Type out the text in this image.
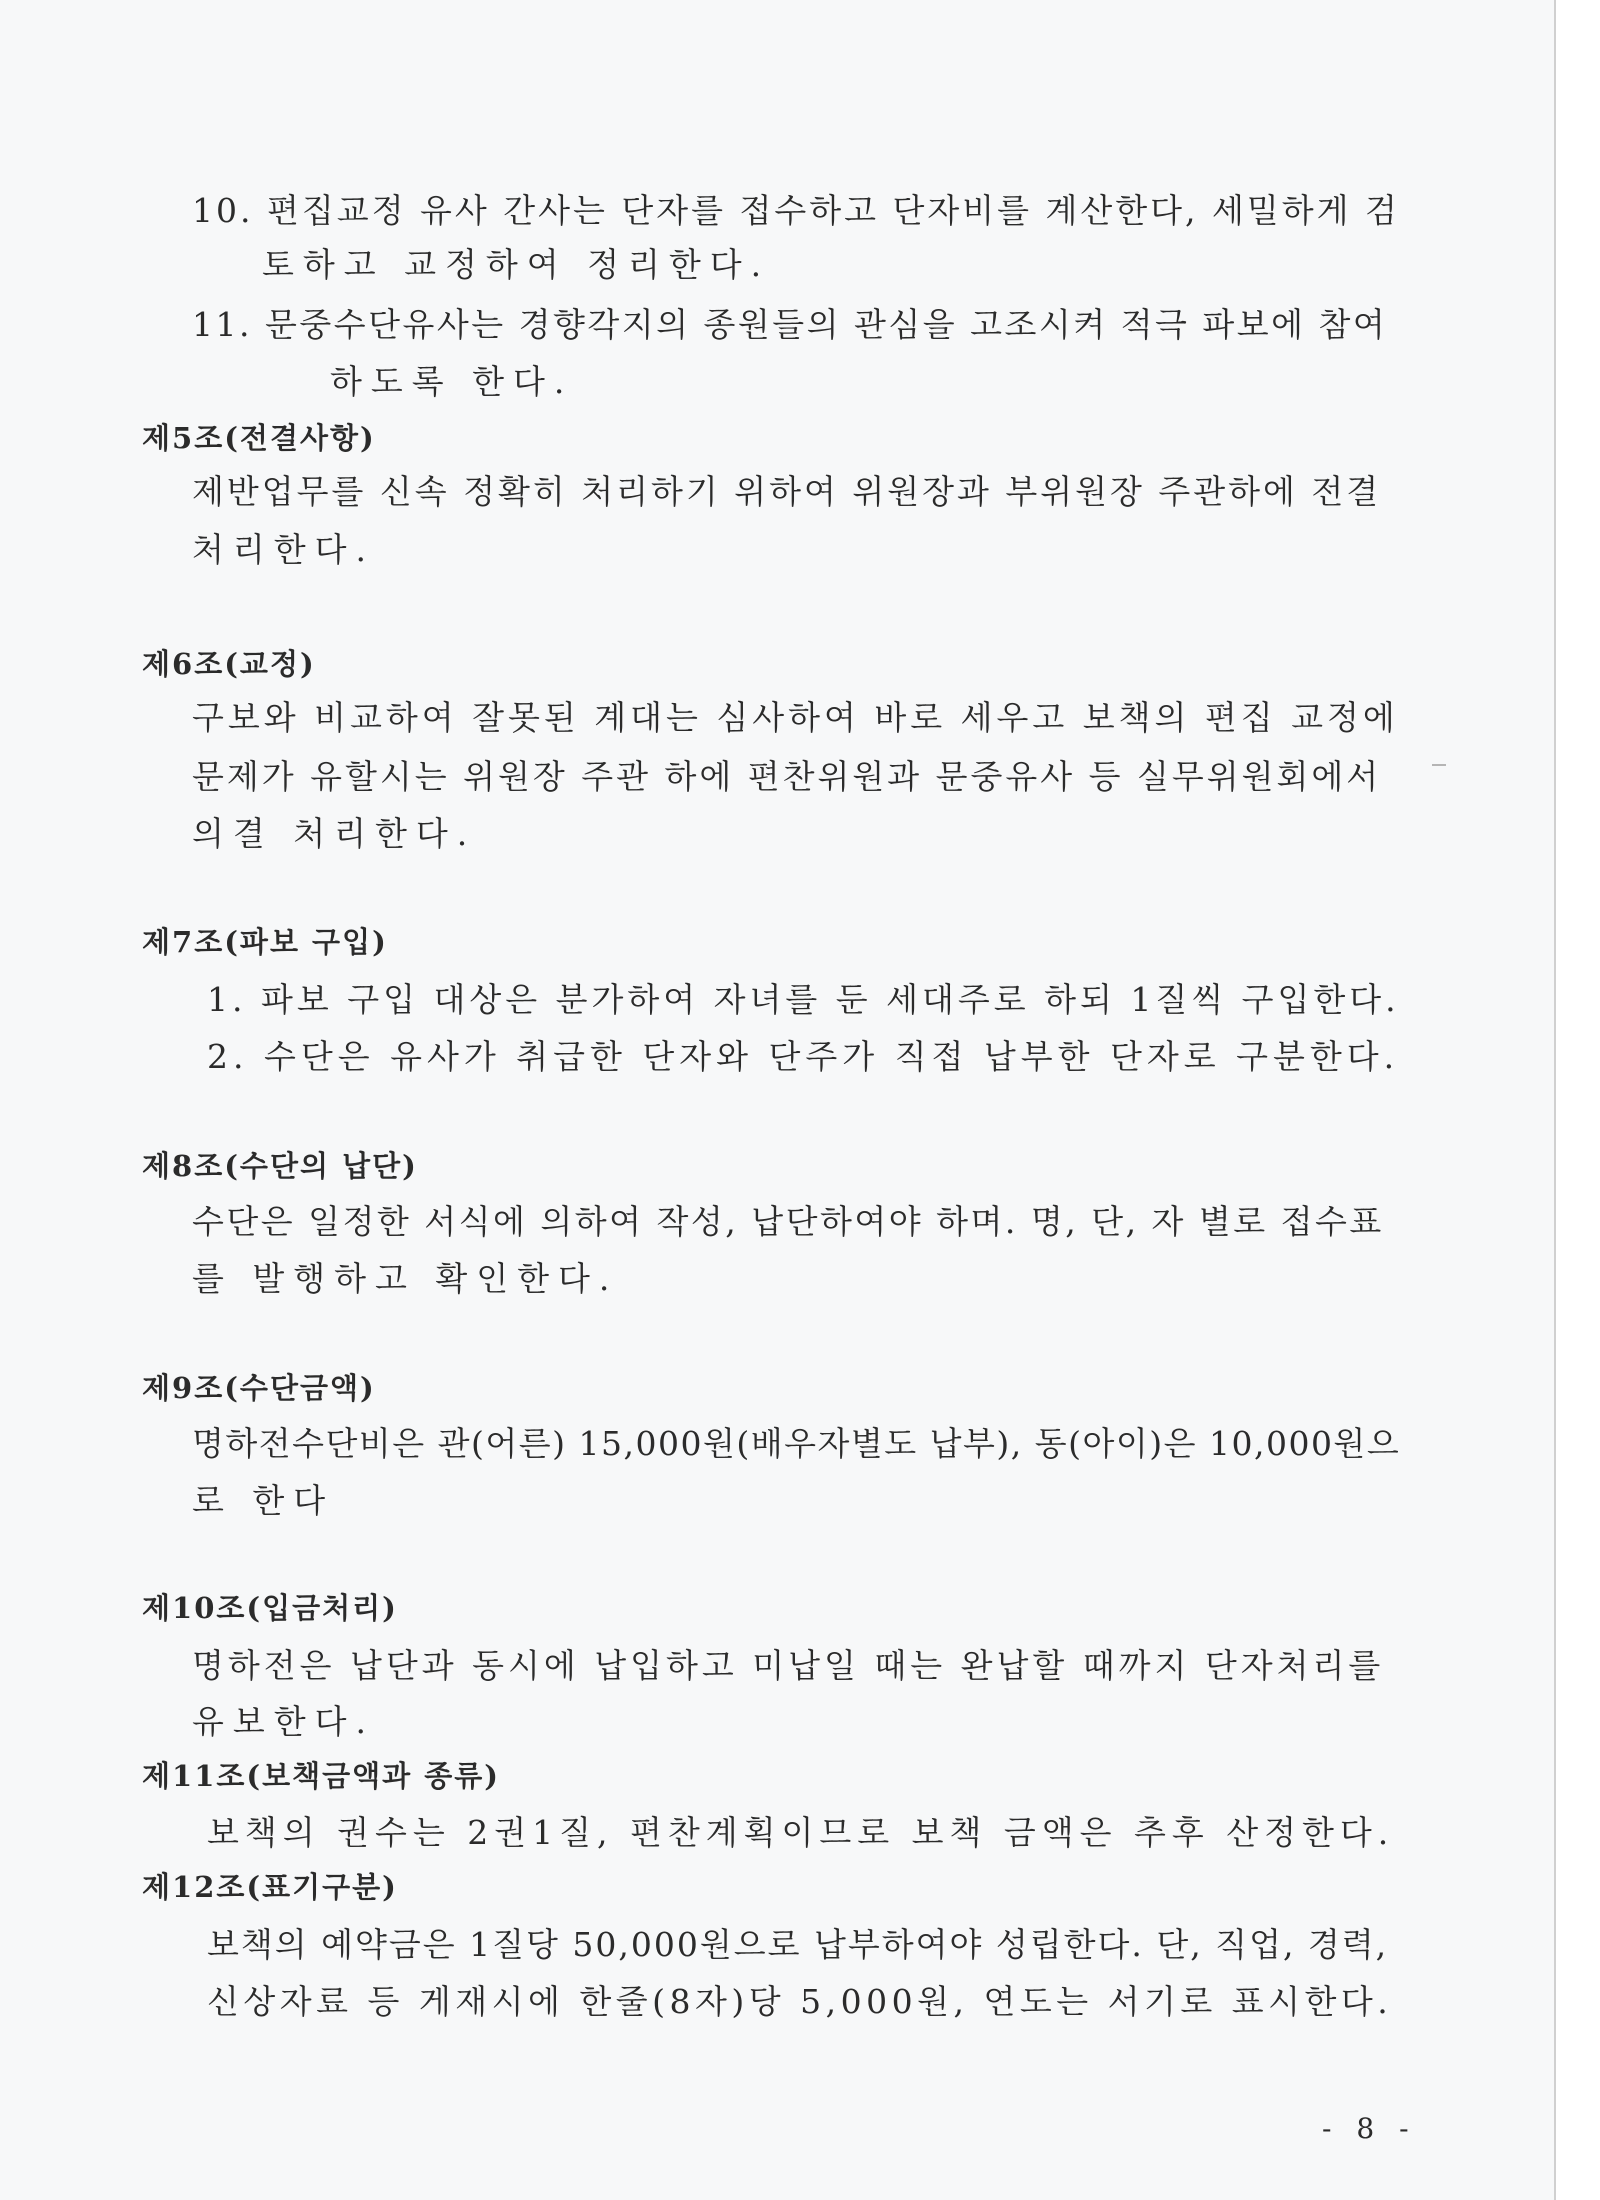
10. 편집교정 유사 간사는 단자를 접수하고 단자비를 계산한다, 세밀하게 검
토하고 교정하여 정리한다.
11. 문중수단유사는 경향각지의 종원들의 관심을 고조시켜 적극 파보에 참여
하도록 한다.
제5조(전결사항)
제반업무를 신속 정확히 처리하기 위하여 위원장과 부위원장 주관하에 전결
처리한다.
제6조(교정)
구보와 비교하여 잘못된 계대는 심사하여 바로 세우고 보책의 편집 교정에
문제가 유할시는 위원장 주관 하에 편찬위원과 문중유사 등 실무위원회에서
의결 처리한다.
제7조(파보 구입)
1. 파보 구입 대상은 분가하여 자녀를 둔 세대주로 하되 1질씩 구입한다.
2. 수단은 유사가 취급한 단자와 단주가 직접 납부한 단자로 구분한다.
제8조(수단의 납단)
수단은 일정한 서식에 의하여 작성, 납단하여야 하며. 명, 단, 자 별로 접수표
를 발행하고 확인한다.
제9조(수단금액)
명하전수단비은 관(어른) 15,000원(배우자별도 납부), 동(아이)은 10,000원으
로 한다
제10조(입금처리)
명하전은 납단과 동시에 납입하고 미납일 때는 완납할 때까지 단자처리를
유보한다.
제11조(보책금액과 종류)
보책의 권수는 2권1질, 편찬계획이므로 보책 금액은 추후 산정한다.
제12조(표기구분)
보책의 예약금은 1질당 50,000원으로 납부하여야 성립한다. 단, 직업, 경력,
신상자료 등 게재시에 한줄(8자)당 5,000원, 연도는 서기로 표시한다.
- 8 -
